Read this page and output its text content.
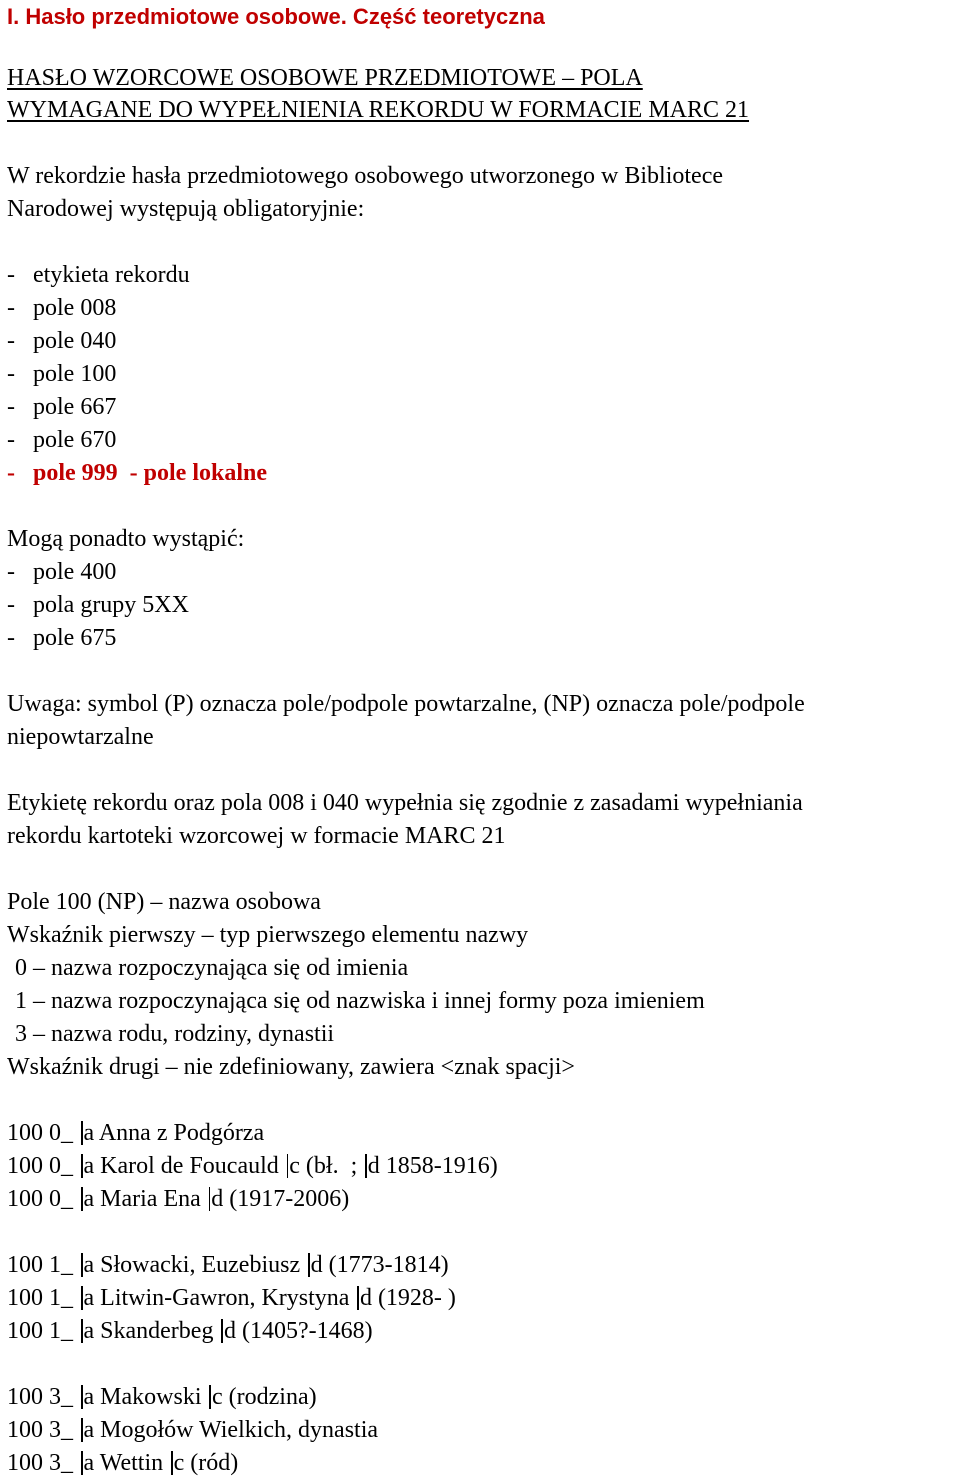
I. Hasło przedmiotowe osobowe. Część teoretyczna
HASŁO WZORCOWE OSOBOWE PRZEDMIOTOWE – POLA
WYMAGANE DO WYPEŁNIENIA REKORDU W FORMACIE MARC 21
W rekordzie hasła przedmiotowego osobowego utworzonego w Bibliotece
Narodowej występują obligatoryjnie:
-   etykieta rekordu
-   pole 008
-   pole 040
-   pole 100
-   pole 667
-   pole 670
-   pole 999  - pole lokalne
Mogą ponadto wystąpić:
-   pole 400
-   pola grupy 5XX
-   pole 675
Uwaga: symbol (P) oznacza pole/podpole powtarzalne, (NP) oznacza pole/podpole
niepowtarzalne
Etykietę rekordu oraz pola 008 i 040 wypełnia się zgodnie z zasadami wypełniania
rekordu kartoteki wzorcowej w formacie MARC 21
Pole 100 (NP) – nazwa osobowa
Wskaźnik pierwszy – typ pierwszego elementu nazwy
0 – nazwa rozpoczynająca się od imienia
1 – nazwa rozpoczynająca się od nazwiska i innej formy poza imieniem
3 – nazwa rodu, rodziny, dynastii
Wskaźnik drugi – nie zdefiniowany, zawiera <znak spacji>
100 0_ a Anna z Podgórza
100 0_ a Karol de Foucauld c (bł.  ; d 1858-1916)
100 0_ a Maria Ena d (1917-2006)
100 1_ a Słowacki, Euzebiusz d (1773-1814)
100 1_ a Litwin-Gawron, Krystyna d (1928- )
100 1_ a Skanderbeg d (1405?-1468)
100 3_ a Makowski c (rodzina)
100 3_ a Mogołów Wielkich, dynastia
100 3_ a Wettin c (ród)
